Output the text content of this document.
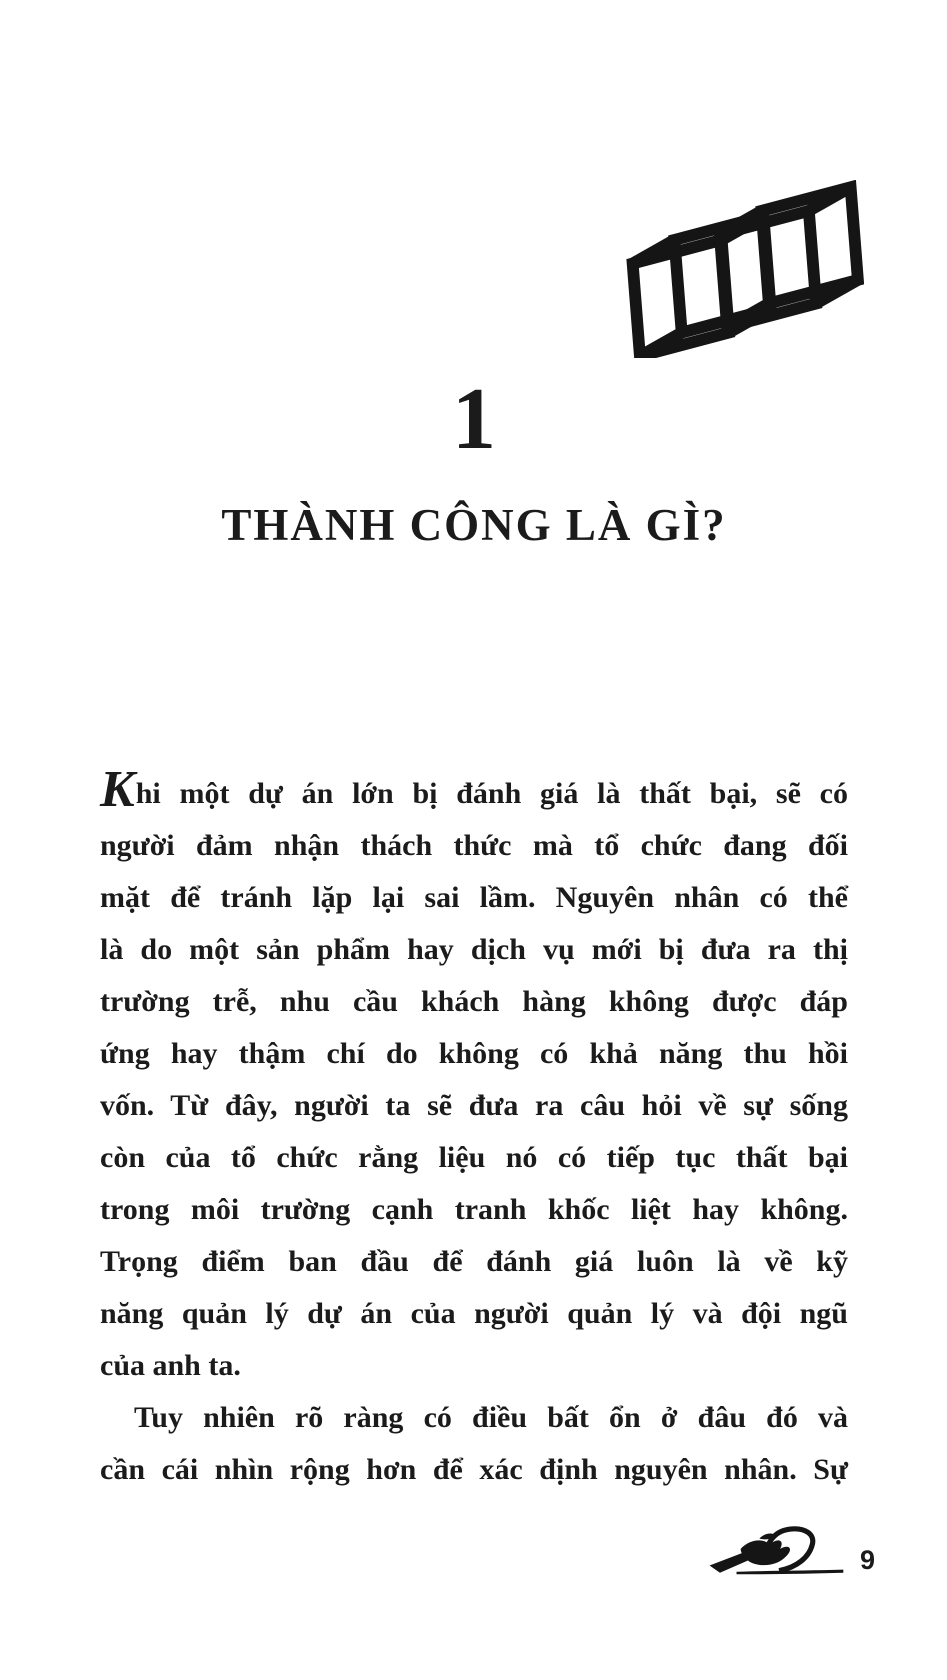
1
THÀNH CÔNG LÀ GÌ?
Khi một dự án lớn bị đánh giá là thất bại, sẽ có
người đảm nhận thách thức mà tổ chức đang đối
mặt để tránh lặp lại sai lầm. Nguyên nhân có thể
là do một sản phẩm hay dịch vụ mới bị đưa ra thị
trường trễ, nhu cầu khách hàng không được đáp
ứng hay thậm chí do không có khả năng thu hồi
vốn. Từ đây, người ta sẽ đưa ra câu hỏi về sự sống
còn của tổ chức rằng liệu nó có tiếp tục thất bại
trong môi trường cạnh tranh khốc liệt hay không.
Trọng điểm ban đầu để đánh giá luôn là về kỹ
năng quản lý dự án của người quản lý và đội ngũ
của anh ta.
Tuy nhiên rõ ràng có điều bất ổn ở đâu đó và
cần cái nhìn rộng hơn để xác định nguyên nhân. Sự
9
